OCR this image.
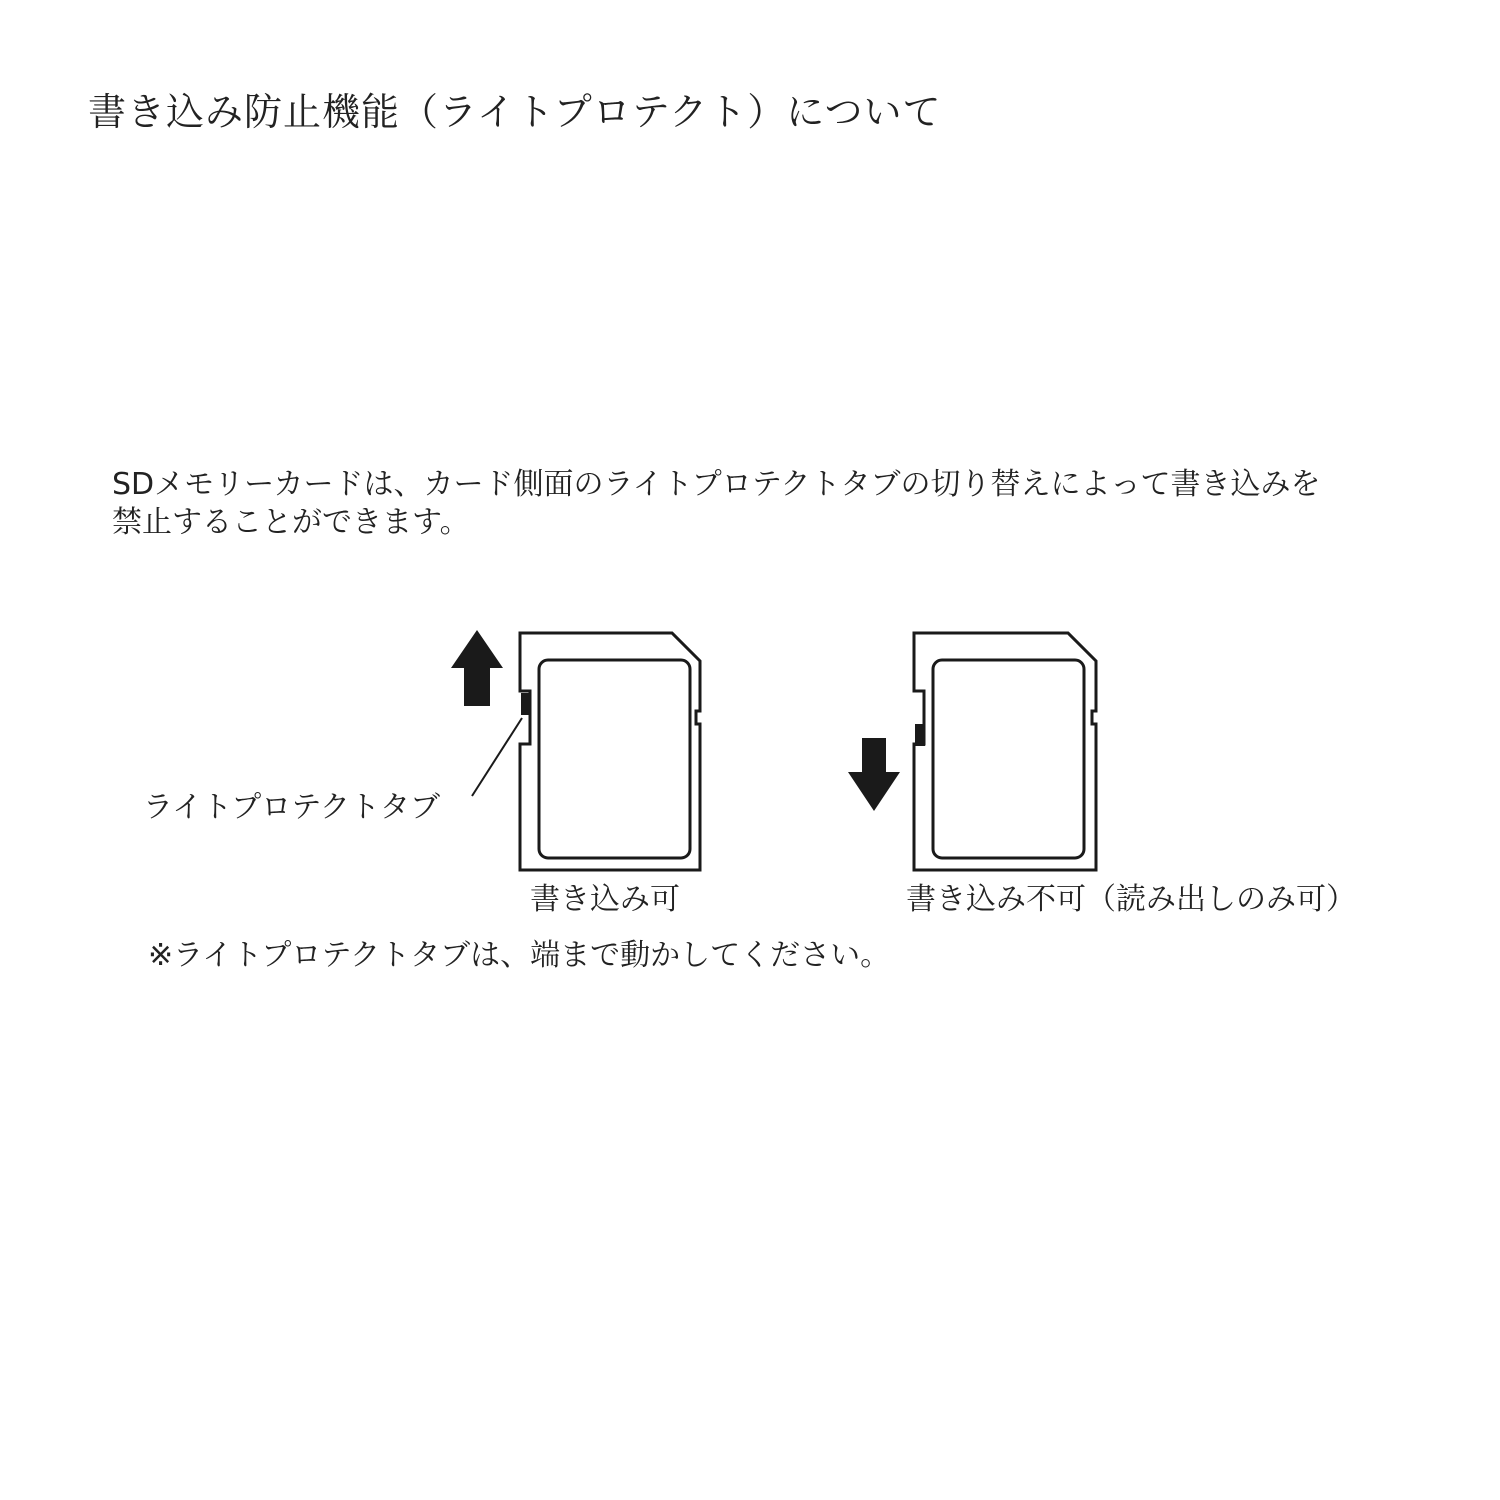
書き込み防止機能（ライトプロテクト）について
SDメモリーカードは、カード側面のライトプロテクトタブの切り替えによって書き込みを
禁止することができます。
ライトプロテクトタブ
書き込み可	書き込み不可（読み出しのみ可）
※ライトプロテクトタブは、端まで動かしてください。
